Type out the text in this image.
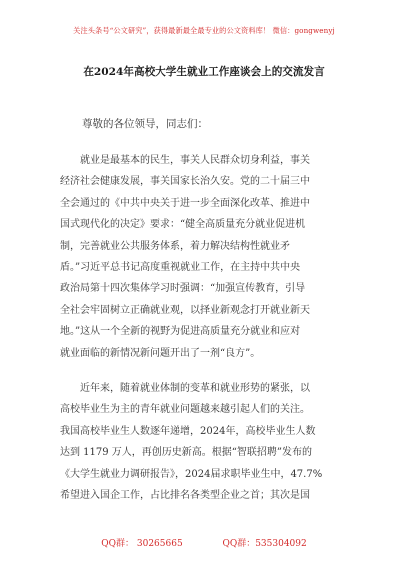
关注头条号“公文研究”，获得最新最全最专业的公文资料库！ 微信：gongwenyj
在2024年高校大学生就业工作座谈会上的交流发言
尊敬的各位领导，同志们：
就业是最基本的民生，事关人民群众切身利益，事关
经济社会健康发展，事关国家长治久安。党的二十届三中
全会通过的《中共中央关于进一步全面深化改革、推进中
国式现代化的决定》要求：“健全高质量充分就业促进机
制，完善就业公共服务体系，着力解决结构性就业矛
盾。”习近平总书记高度重视就业工作，在主持中共中央
政治局第十四次集体学习时强调：“加强宣传教育，引导
全社会牢固树立正确就业观，以择业新观念打开就业新天
地。”这从一个全新的视野为促进高质量充分就业和应对
就业面临的新情况新问题开出了一剂“良方”。
近年来，随着就业体制的变革和就业形势的紧张，以
高校毕业生为主的青年就业问题越来越引起人们的关注。
我国高校毕业生人数逐年递增，2024年，高校毕业生人数
达到 1179 万人，再创历史新高。根据“智联招聘”发布的
《大学生就业力调研报告》，2024届求职毕业生中，47.7%
希望进入国企工作，占比排名各类型企业之首；其次是国
QQ群： 30265665	QQ群：535304092
